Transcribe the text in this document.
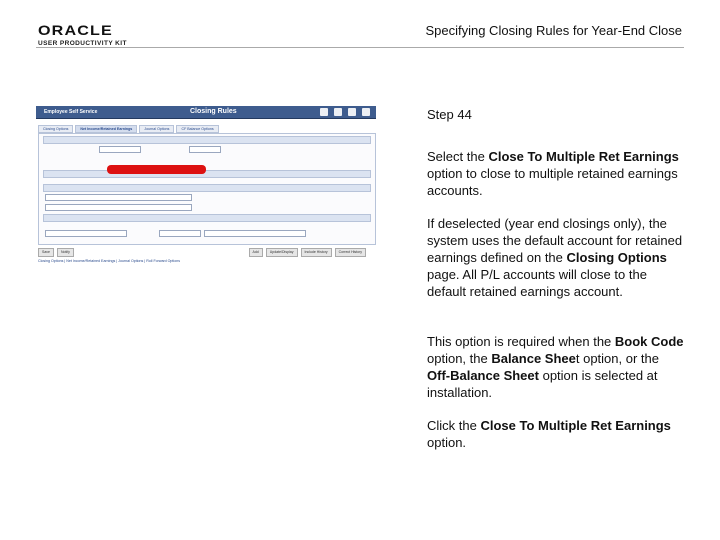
ORACLE
USER PRODUCTIVITY KIT
Specifying Closing Rules for Year-End Close
Employee Self Service	Closing Rules
Closing Options	Net Income/Retained Earnings	Journal Options	CF Balance Options
Save	Notify	Add	Update/Display	Include History	Correct History
Closing Options | Net Income/Retained Earnings | Journal Options | Roll Forward Options
Step 44
Select the Close To Multiple Ret Earnings option to close to multiple retained earnings accounts.
If deselected (year end closings only), the system uses the default account for retained earnings defined on the Closing Options page. All P/L accounts will close to the default retained earnings account.
This option is required when the Book Code option, the Balance Sheet option, or the Off-Balance Sheet option is selected at installation.
Click the Close To Multiple Ret Earnings option.
